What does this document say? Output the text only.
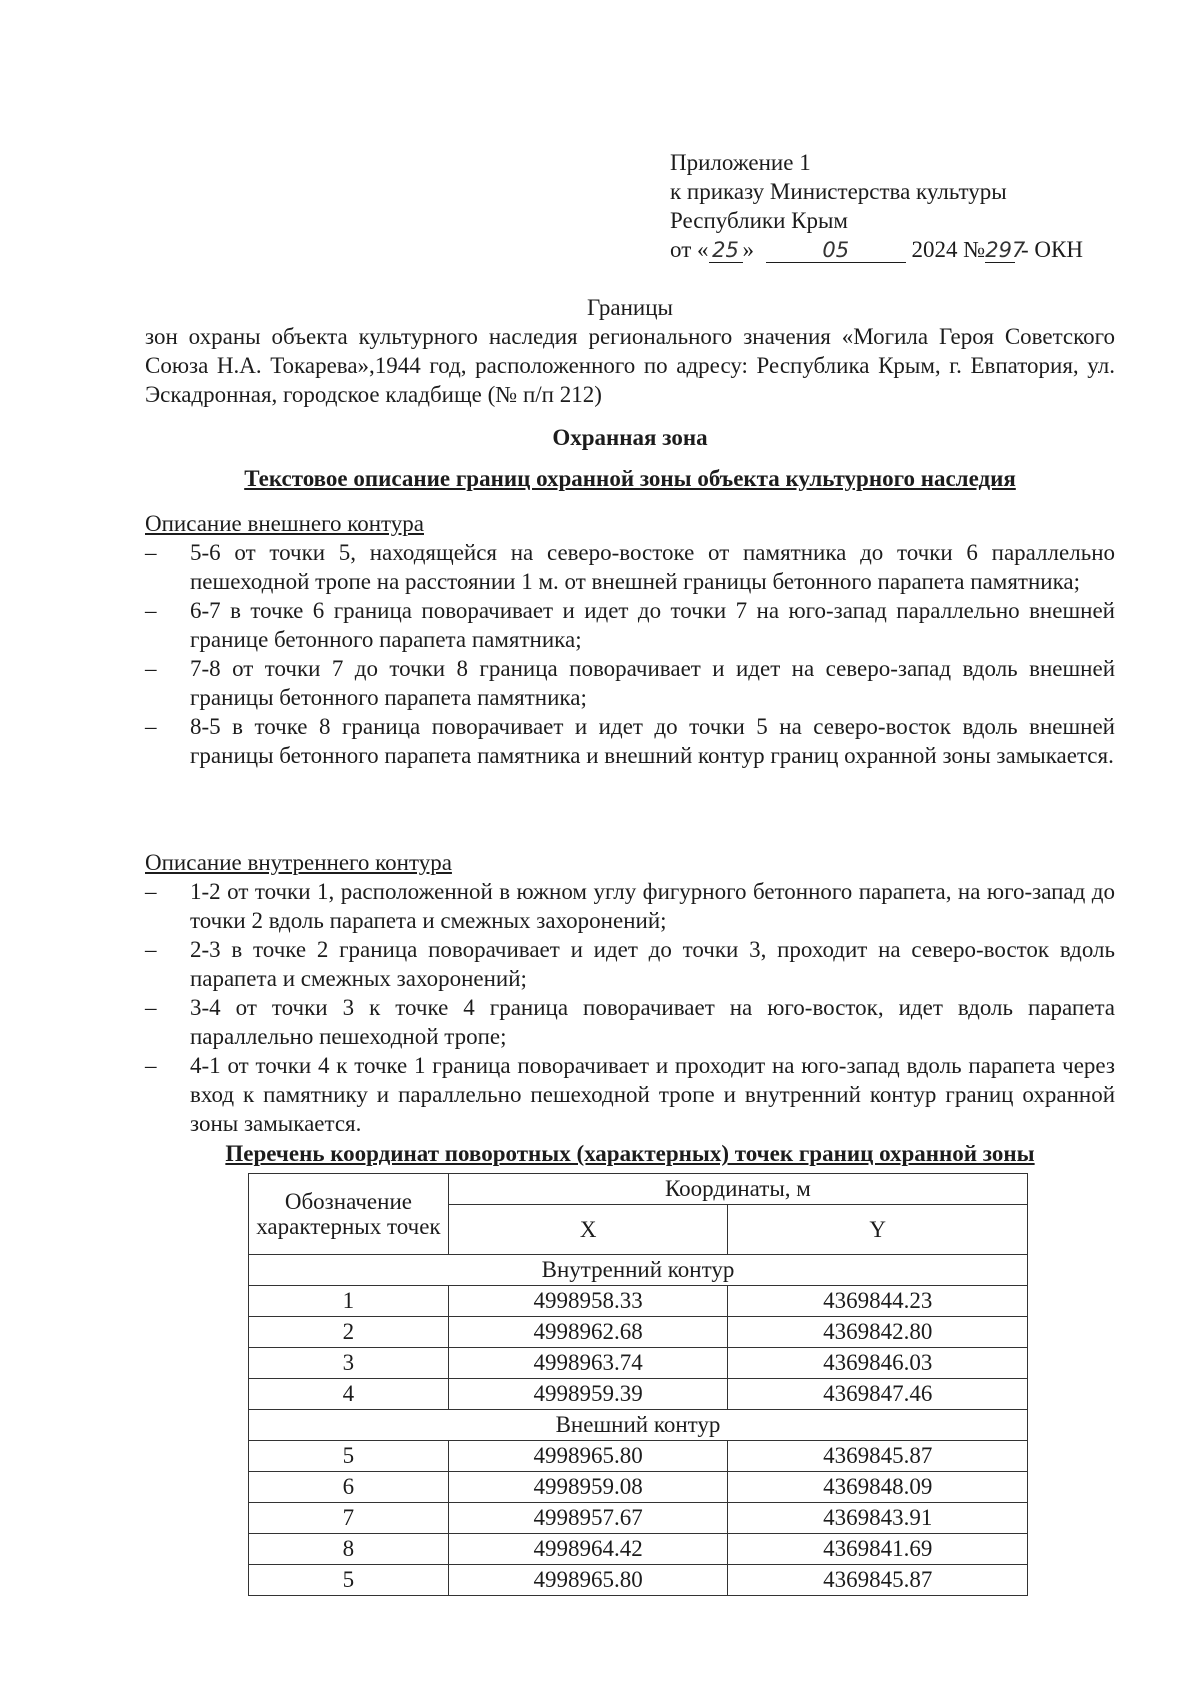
Приложение 1
к приказу Министерства культуры
Республики Крым
от « 25 »	05	2024 №297 - ОКН
Границы
зон охраны объекта культурного наследия регионального значения «Могила Героя Советского Союза Н.А. Токарева»,1944 год, расположенного по адресу: Республика Крым, г. Евпатория, ул. Эскадронная, городское кладбище (№ п/п 212)
Охранная зона
Текстовое описание границ охранной зоны объекта культурного наследия
Описание внешнего контура
– 5-6 от точки 5, находящейся на северо-востоке от памятника до точки 6 параллельно пешеходной тропе на расстоянии 1 м. от внешней границы бетонного парапета памятника;
– 6-7 в точке 6 граница поворачивает и идет до точки 7 на юго-запад параллельно внешней границе бетонного парапета памятника;
– 7-8 от точки 7 до точки 8 граница поворачивает и идет на северо-запад вдоль внешней границы бетонного парапета памятника;
– 8-5 в точке 8 граница поворачивает и идет до точки 5 на северо-восток вдоль внешней границы бетонного парапета памятника и внешний контур границ охранной зоны замыкается.
Описание внутреннего контура
– 1-2 от точки 1, расположенной в южном углу фигурного бетонного парапета, на юго-запад до точки 2 вдоль парапета и смежных захоронений;
– 2-3 в точке 2 граница поворачивает и идет до точки 3, проходит на северо-восток вдоль парапета и смежных захоронений;
– 3-4 от точки 3 к точке 4 граница поворачивает на юго-восток, идет вдоль парапета параллельно пешеходной тропе;
– 4-1 от точки 4 к точке 1 граница поворачивает и проходит на юго-запад вдоль парапета через вход к памятнику и параллельно пешеходной тропе и внутренний контур границ охранной зоны замыкается.
Перечень координат поворотных (характерных) точек границ охранной зоны
Обозначение характерных точек	Координаты, м	
	X	Y
Внутренний контур		
1	4998958.33	4369844.23
2	4998962.68	4369842.80
3	4998963.74	4369846.03
4	4998959.39	4369847.46
Внешний контур		
5	4998965.80	4369845.87
6	4998959.08	4369848.09
7	4998957.67	4369843.91
8	4998964.42	4369841.69
5	4998965.80	4369845.87
